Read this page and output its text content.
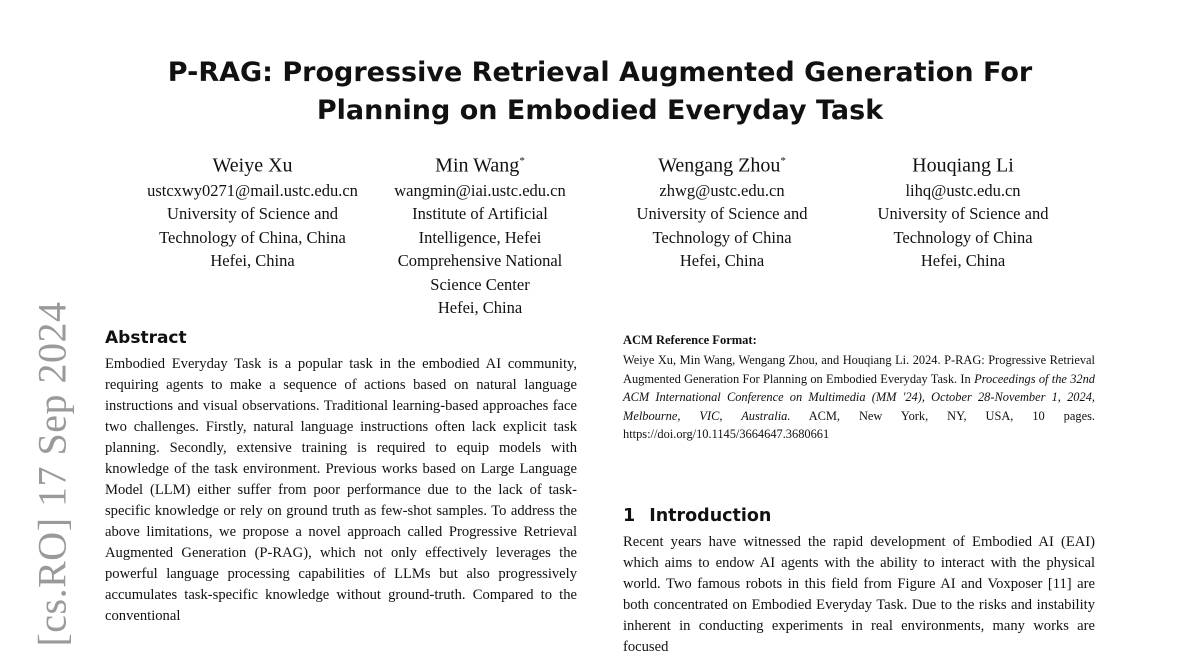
[cs.RO] 17 Sep 2024
P-RAG: Progressive Retrieval Augmented Generation For
Planning on Embodied Everyday Task
Weiye Xu
ustcxwy0271@mail.ustc.edu.cn
University of Science and
Technology of China, China
Hefei, China
Min Wang*
wangmin@iai.ustc.edu.cn
Institute of Artificial
Intelligence, Hefei
Comprehensive National
Science Center
Hefei, China
Wengang Zhou*
zhwg@ustc.edu.cn
University of Science and
Technology of China
Hefei, China
Houqiang Li
lihq@ustc.edu.cn
University of Science and
Technology of China
Hefei, China
Abstract

Embodied Everyday Task is a popular task in the embodied AI community, requiring agents to make a sequence of actions based on natural language instructions and visual observations. Traditional learning-based approaches face two challenges. Firstly, natural language instructions often lack explicit task planning. Secondly, extensive training is required to equip models with knowledge of the task environment. Previous works based on Large Language Model (LLM) either suffer from poor performance due to the lack of task-specific knowledge or rely on ground truth as few-shot samples. To address the above limitations, we propose a novel approach called Progressive Retrieval Augmented Generation (P-RAG), which not only effectively leverages the powerful language processing capabilities of LLMs but also progressively accumulates task-specific knowledge without ground-truth. Compared to the conventional

ACM Reference Format:

Weiye Xu, Min Wang, Wengang Zhou, and Houqiang Li. 2024. P-RAG: Progressive Retrieval Augmented Generation For Planning on Embodied Everyday Task. In Proceedings of the 32nd ACM International Conference on Multimedia (MM '24), October 28-November 1, 2024, Melbourne, VIC, Australia. ACM, New York, NY, USA, 10 pages. https://doi.org/10.1145/3664647.3680661

1 Introduction

Recent years have witnessed the rapid development of Embodied AI (EAI) which aims to endow AI agents with the ability to interact with the physical world. Two famous robots in this field from Figure AI and Voxposer [11] are both concentrated on Embodied Everyday Task. Due to the risks and instability inherent in conducting experiments in real environments, many works are focused
